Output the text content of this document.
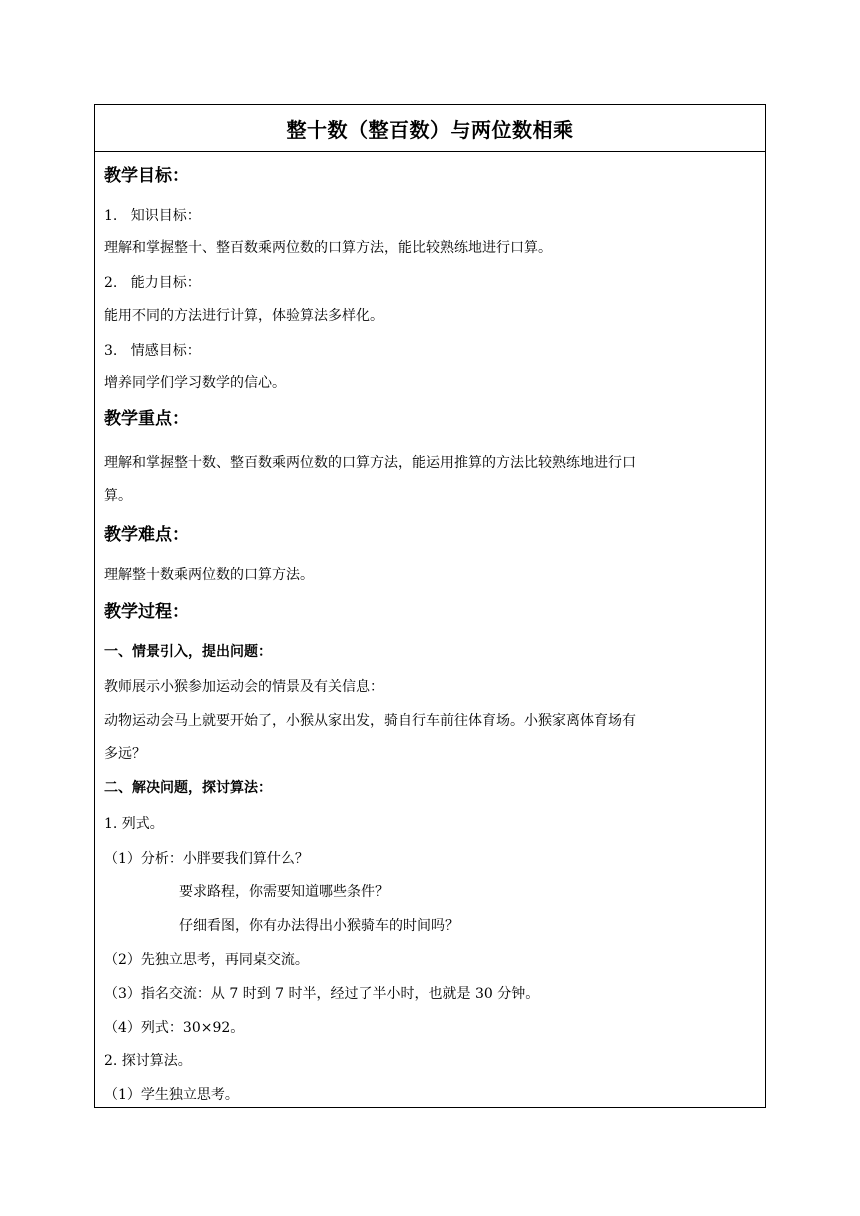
整十数（整百数）与两位数相乘
教学目标：
1. 知识目标：
理解和掌握整十、整百数乘两位数的口算方法，能比较熟练地进行口算。
2. 能力目标：
能用不同的方法进行计算，体验算法多样化。
3. 情感目标：
增养同学们学习数学的信心。
教学重点：
理解和掌握整十数、整百数乘两位数的口算方法，能运用推算的方法比较熟练地进行口
算。
教学难点：
理解整十数乘两位数的口算方法。
教学过程：
一、情景引入，提出问题：
教师展示小猴参加运动会的情景及有关信息：
动物运动会马上就要开始了，小猴从家出发，骑自行车前往体育场。小猴家离体育场有
多远？
二、解决问题，探讨算法：
1. 列式。
（1）分析：小胖要我们算什么？
要求路程，你需要知道哪些条件？
仔细看图，你有办法得出小猴骑车的时间吗？
（2）先独立思考，再同桌交流。
（3）指名交流：从 7 时到 7 时半，经过了半小时，也就是 30 分钟。
（4）列式：30×92。
2. 探讨算法。
（1）学生独立思考。
